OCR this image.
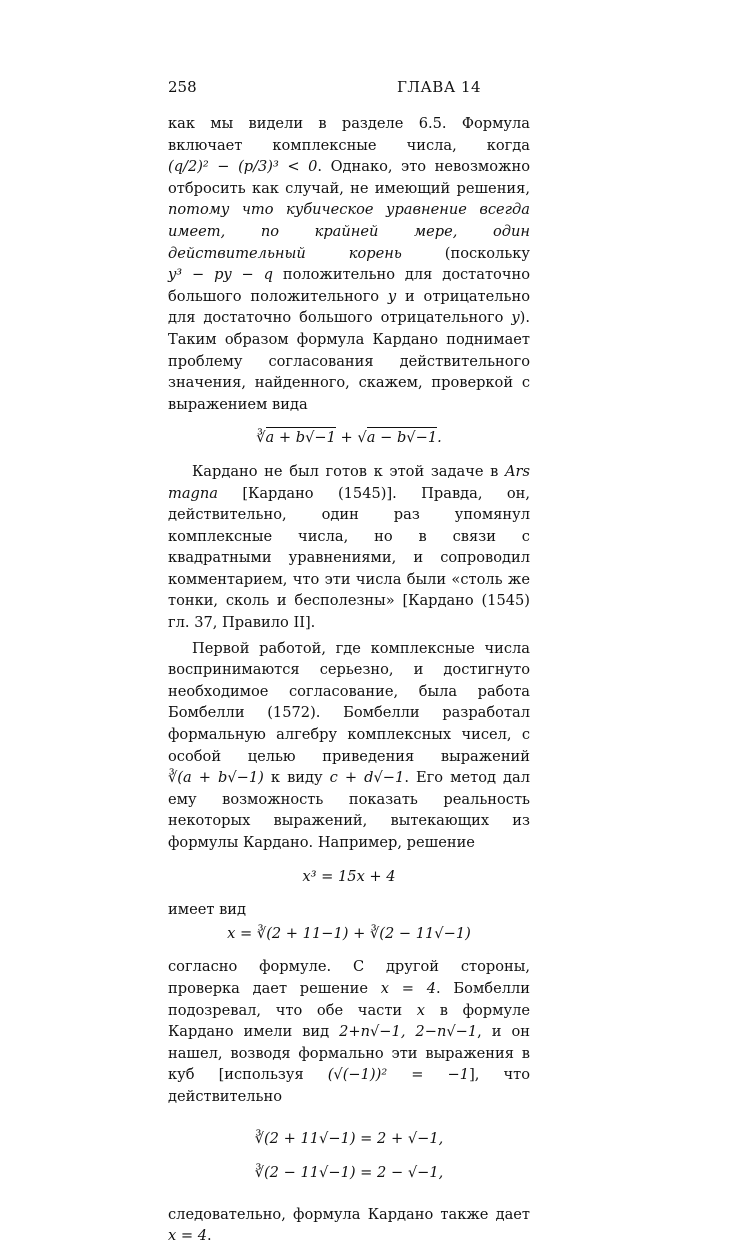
258	ГЛАВА 14

как мы видели в разделе 6.5. Формула включает комплексные числа, когда (q/2)² − (p/3)³ < 0. Однако, это невозможно отбросить как случай, не имеющий решения, потому что кубическое уравнение всегда имеет, по крайней мере, один действительный корень (поскольку y³ − py − q положительно для достаточно большого положительного y и отрицательно для достаточно большого отрицательного y). Таким образом формула Кардано поднимает проблему согласования действительного значения, найденного, скажем, проверкой с выражением вида

∛a + b√−1 + √a − b√−1.

Кардано не был готов к этой задаче в Ars magna [Кардано (1545)]. Правда, он, действительно, один раз упомянул комплексные числа, но в связи с квадратными уравнениями, и сопроводил комментарием, что эти числа были «столь же тонки, сколь и бесполезны» [Кардано (1545) гл. 37, Правило II].

Первой работой, где комплексные числа воспринимаются серьезно, и достигнуто необходимое согласование, была работа Бомбелли (1572). Бомбелли разработал формальную алгебру комплексных чисел, с особой целью приведения выражений ∛(a + b√−1) к виду c + d√−1. Его метод дал ему возможность показать реальность некоторых выражений, вытекающих из формулы Кардано. Например, решение

x³ = 15x + 4

имеет вид

x = ∛(2 + 11−1) + ∛(2 − 11√−1)

согласно формуле. С другой стороны, проверка дает решение x = 4. Бомбелли подозревал, что обе части x в формуле Кардано имели вид 2+n√−1, 2−n√−1, и он нашел, возводя формально эти выражения в куб [используя (√(−1))² = −1], что действительно

∛(2 + 11√−1) = 2 + √−1,
∛(2 − 11√−1) = 2 − √−1,

следовательно, формула Кардано также дает x = 4.
